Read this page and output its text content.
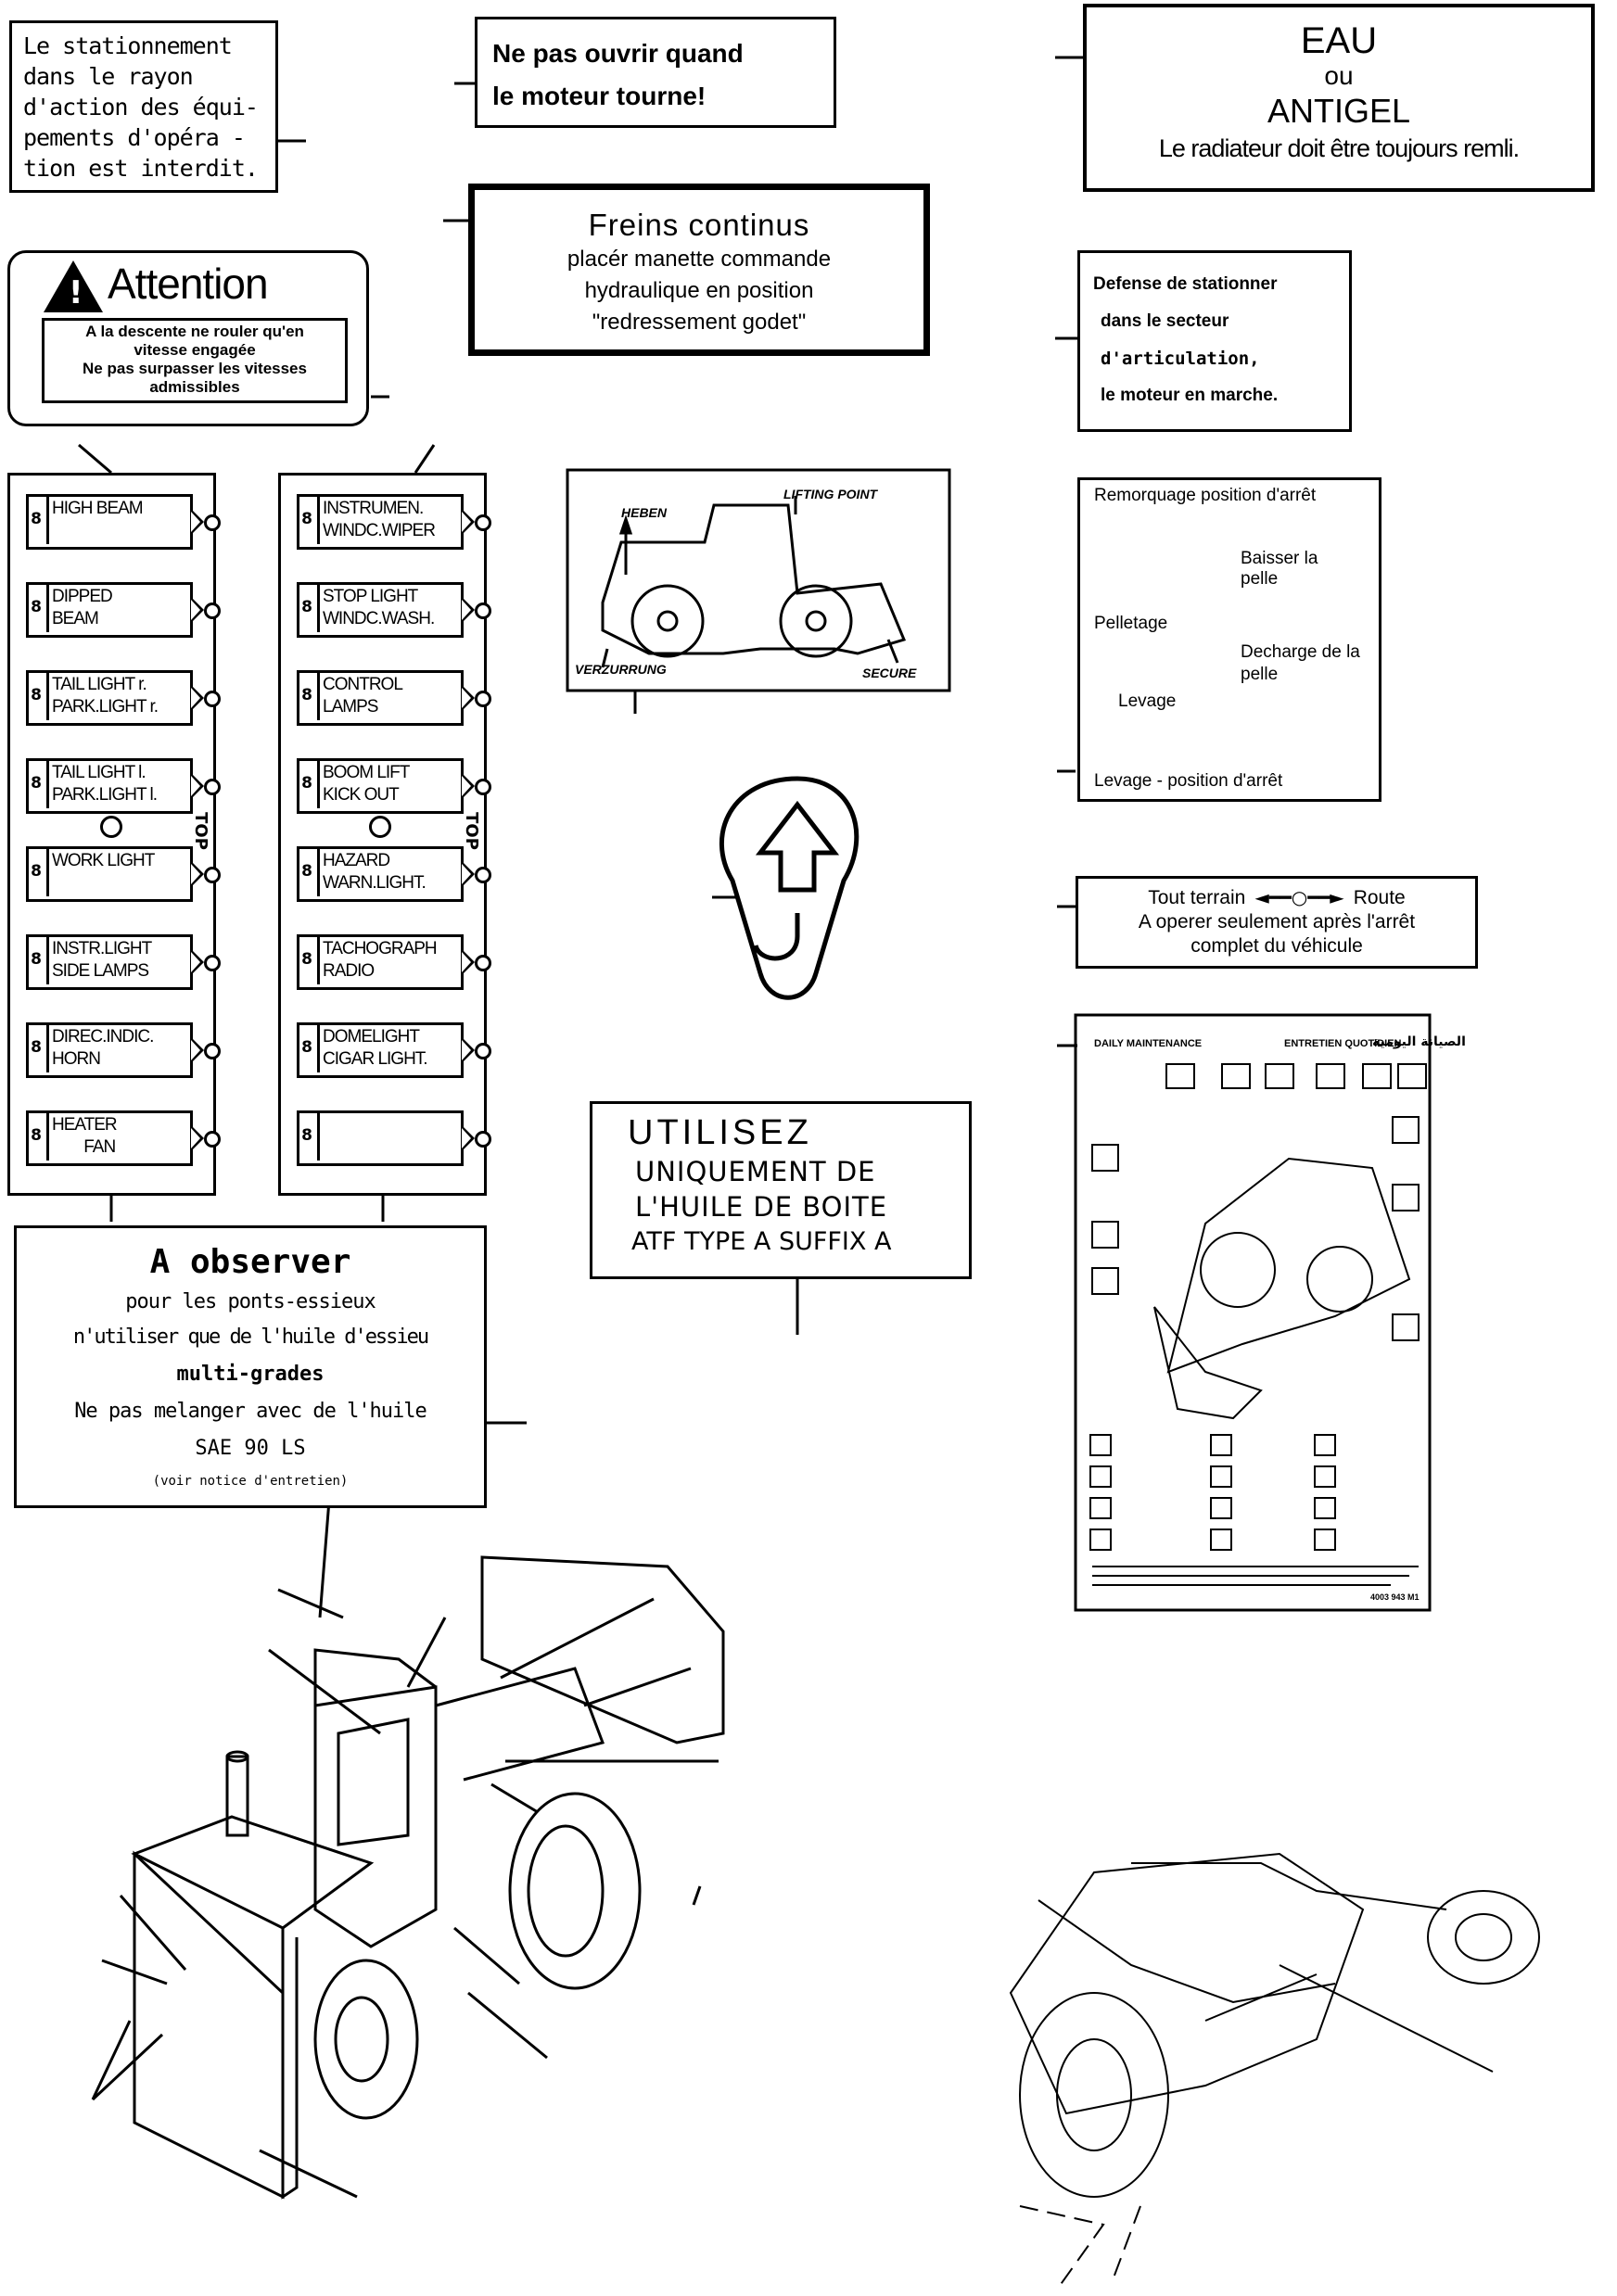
Le stationnement
dans le rayon
d'action des équi-
pements d'opéra -
tion est interdit.
Ne pas ouvrir quand
le moteur tourne!
EAU
ou
ANTIGEL
Le radiateur doit être toujours remli.
Freins continus
placér manette commande
hydraulique en position
"redressement godet"
! Attention
A la descente ne rouler qu'en
vitesse engagée
Ne pas surpasser les vitesses
admissibles
Defense de stationner
dans le secteur
d'articulation,
le moteur en marche.
8
HIGH BEAM
8
DIPPED
BEAM
8
TAIL LIGHT r.
PARK.LIGHT r.
8
TAIL LIGHT l.
PARK.LIGHT l.
8
WORK LIGHT
8
INSTR.LIGHT
SIDE LAMPS
8
DIREC.INDIC.
HORN
8
HEATER
FAN
8
INSTRUMEN.
WINDC.WIPER
8
STOP LIGHT
WINDC.WASH.
8
CONTROL
LAMPS
8
BOOM LIFT
KICK OUT
8
HAZARD
WARN.LIGHT.
8
TACHOGRAPH
RADIO
8
DOMELIGHT
CIGAR LIGHT.
8
TOP	TOP
HEBEN
LIFTING POINT
VERZURRUNG	SECURE
Remorquage position d'arrêt
Baisser la pelle
Pelletage
Decharge de la pelle
Levage
Levage - position d'arrêt
Tout terrain ◄━━○━━► Route
A operer seulement après l'arrêt
complet du véhicule
UTILISEZ
UNIQUEMENT DE
L'HUILE DE BOITE
ATF TYPE A SUFFIX A
A observer
pour les ponts-essieux
n'utiliser que de l'huile d'essieu
multi-grades
Ne pas melanger avec de l'huile
SAE 90 LS
(voir notice d'entretien)
DAILY MAINTENANCE	ENTRETIEN QUOTIDIEN
الصيانة اليومية
4003 943 M1
